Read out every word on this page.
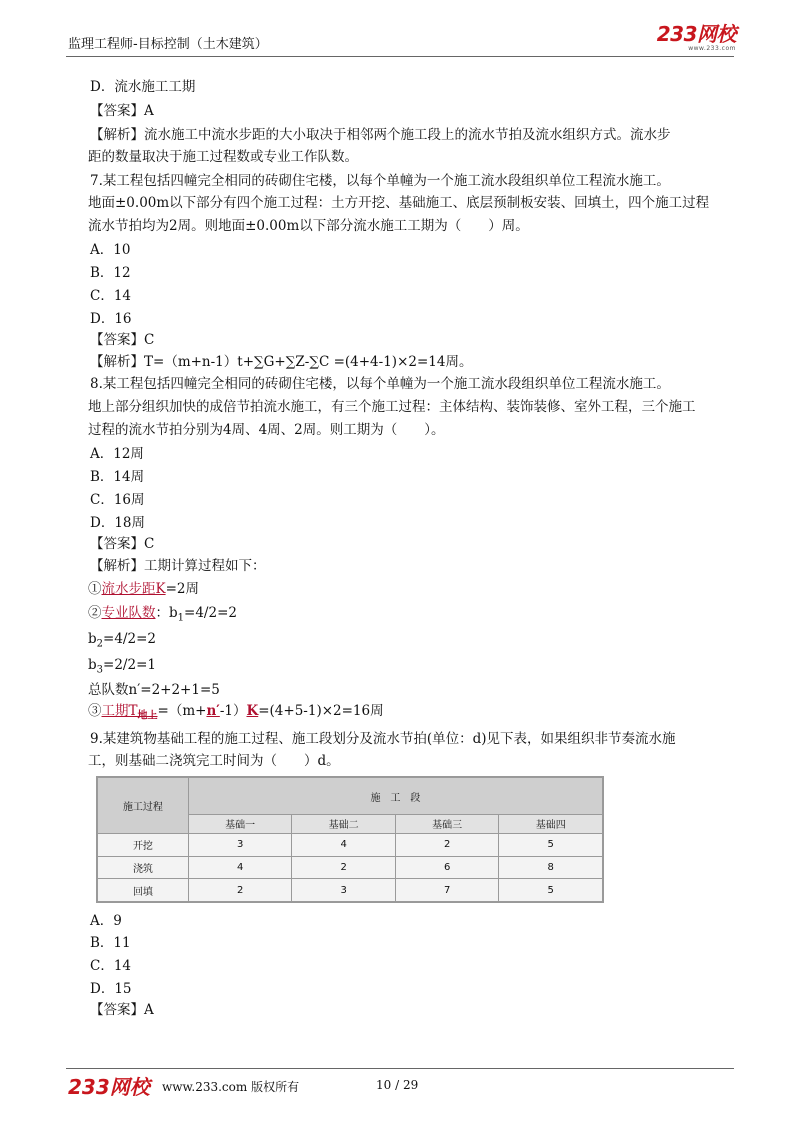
监理工程师-目标控制（土木建筑）	233网校
www.233.com
D．流水施工工期
【答案】A
【解析】流水施工中流水步距的大小取决于相邻两个施工段上的流水节拍及流水组织方式。流水步
距的数量取决于施工过程数或专业工作队数。
7.某工程包括四幢完全相同的砖砌住宅楼，以每个单幢为一个施工流水段组织单位工程流水施工。
地面±0.00m以下部分有四个施工过程：土方开挖、基础施工、底层预制板安装、回填土，四个施工过程
流水节拍均为2周。则地面±0.00m以下部分流水施工工期为（　　）周。
A．10
B．12
C．14
D．16
【答案】C
【解析】T=（m+n-1）t+∑G+∑Z-∑C =(4+4-1)×2=14周。
8.某工程包括四幢完全相同的砖砌住宅楼，以每个单幢为一个施工流水段组织单位工程流水施工。
地上部分组织加快的成倍节拍流水施工，有三个施工过程：主体结构、装饰装修、室外工程，三个施工
过程的流水节拍分别为4周、4周、2周。则工期为（　　）。
A．12周
B．14周
C．16周
D．18周
【答案】C
【解析】工期计算过程如下：
①流水步距K=2周
②专业队数：$b_1=4/2=2$
$b_2=4/2=2$
$b_3=2/2=1$
总队数n′=2+2+1=5
③工期$T_{地上}=(m+n'-1)K=(4+5-1)\times 2=16$周
9.某建筑物基础工程的施工过程、施工段划分及流水节拍(单位：d)见下表，如果组织非节奏流水施
工，则基础二浇筑完工时间为（　　）d。
A．9
B．11
C．14
D．15
【答案】A
施工过程	施　工　段			
	基础一	基础二	基础三	基础四
开挖	3	4	2	5
浇筑	4	2	6	8
回填	2	3	7	5
233网校 www.233.com 版权所有	10 / 29
